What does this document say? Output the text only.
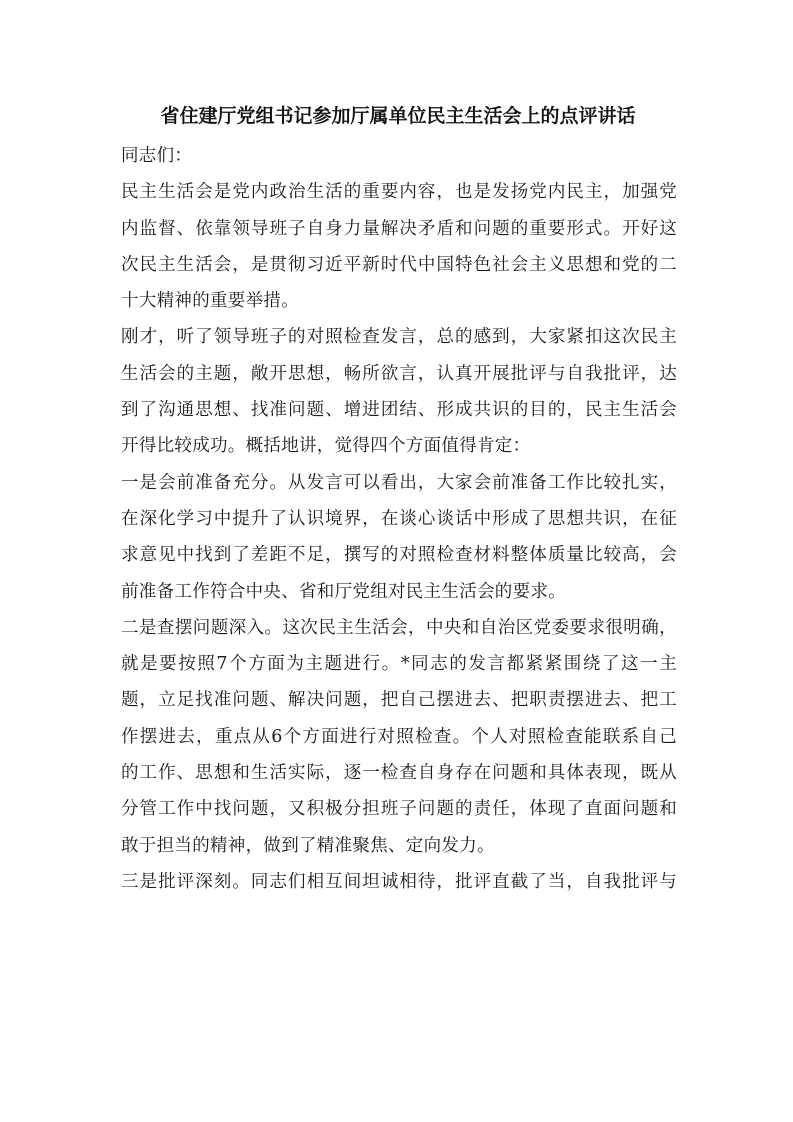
省住建厅党组书记参加厅属单位民主生活会上的点评讲话
同志们：
民主生活会是党内政治生活的重要内容，也是发扬党内民主，加强党
内监督、依靠领导班子自身力量解决矛盾和问题的重要形式。开好这
次民主生活会，是贯彻习近平新时代中国特色社会主义思想和党的二
十大精神的重要举措。
刚才，听了领导班子的对照检查发言，总的感到，大家紧扣这次民主
生活会的主题，敞开思想，畅所欲言，认真开展批评与自我批评，达
到了沟通思想、找准问题、增进团结、形成共识的目的，民主生活会
开得比较成功。概括地讲，觉得四个方面值得肯定：
一是会前准备充分。从发言可以看出，大家会前准备工作比较扎实，
在深化学习中提升了认识境界，在谈心谈话中形成了思想共识，在征
求意见中找到了差距不足，撰写的对照检查材料整体质量比较高，会
前准备工作符合中央、省和厅党组对民主生活会的要求。
二是查摆问题深入。这次民主生活会，中央和自治区党委要求很明确，
就是要按照7个方面为主题进行。*同志的发言都紧紧围绕了这一主
题，立足找准问题、解决问题，把自己摆进去、把职责摆进去、把工
作摆进去，重点从6个方面进行对照检查。个人对照检查能联系自己
的工作、思想和生活实际，逐一检查自身存在问题和具体表现，既从
分管工作中找问题，又积极分担班子问题的责任，体现了直面问题和
敢于担当的精神，做到了精准聚焦、定向发力。
三是批评深刻。同志们相互间坦诚相待，批评直截了当，自我批评与
